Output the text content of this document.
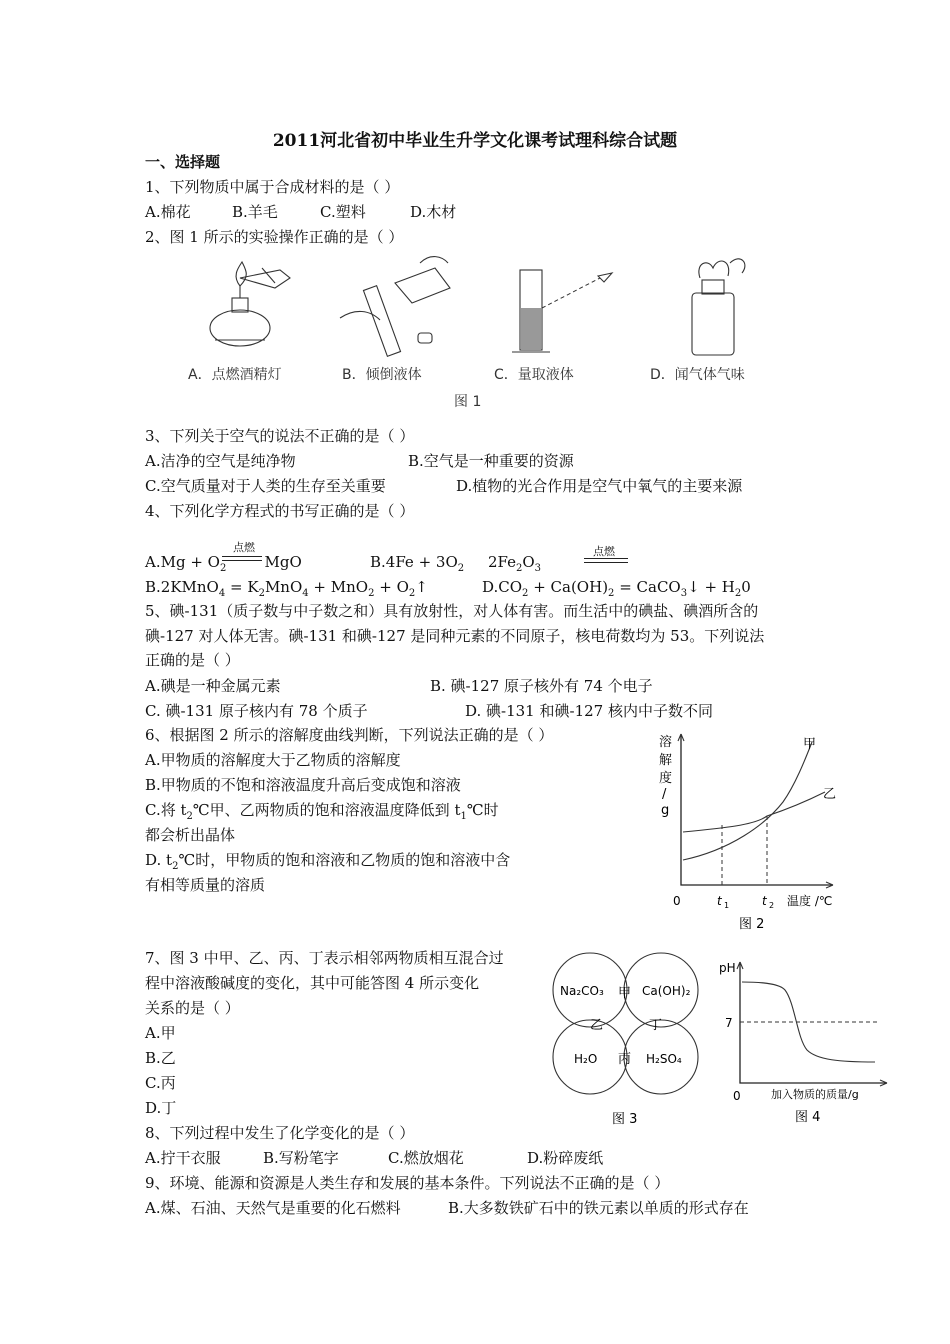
2011河北省初中毕业生升学文化课考试理科综合试题
一、选择题
1、下列物质中属于合成材料的是（ ）
A.棉花	B.羊毛	C.塑料	D.木材
2、图 1 所示的实验操作正确的是（ ）
A．点燃酒精灯	B．倾倒液体	C．量取液体	D．闻气体气味
图 1
3、下列关于空气的说法不正确的是（ ）
A.洁净的空气是纯净物	B.空气是一种重要的资源
C.空气质量对于人类的生存至关重要	D.植物的光合作用是空气中氧气的主要来源
4、下列化学方程式的书写正确的是（ ）
点燃	点燃
$A.Mg + O_2$	MgO	$B.4Fe + 3O_2$ $2Fe_2O_3$
B.2KMnO$_4$ = $K_2MnO_4 + MnO_2$ + $O_2↑$	$D.CO_2 + Ca(OH)_2$ = CaCO$_3$↓ + $H_20$
5、碘-131（质子数与中子数之和）具有放射性，对人体有害。而生活中的碘盐、碘酒所含的
碘-127 对人体无害。碘-131 和碘-127 是同种元素的不同原子，核电荷数均为 53。下列说法
正确的是（ ）
A.碘是一种金属元素	B. 碘-127 原子核外有 74 个电子
C. 碘-131 原子核内有 78 个质子	D. 碘-131 和碘-127 核内中子数不同
6、根据图 2 所示的溶解度曲线判断，下列说法正确的是（ ）
A.甲物质的溶解度大于乙物质的溶解度
B.甲物质的不饱和溶液温度升高后变成饱和溶液
C.将 $t_2℃$甲、乙两物质的饱和溶液温度降低到 $t_1℃$时
都会析出晶体
D. $t_2℃$时，甲物质的饱和溶液和乙物质的饱和溶液中含
有相等质量的溶质
溶
解
度
/
g
甲
乙
0	t 1	t 2 温度 /℃
图 2
7、图 3 中甲、乙、丙、丁表示相邻两物质相互混合过
程中溶液酸碱度的变化，其中可能答图 4 所示变化
关系的是（ ）
A.甲
B.乙
C.丙
D.丁
Na₂CO₃	Ca(OH)₂
H₂O	H₂SO₄
甲
乙
丙
丁
图 3
pH
7
0	加入物质的质量/g
图 4
8、下列过程中发生了化学变化的是（ ）
A.拧干衣服	B.写粉笔字	C.燃放烟花	D.粉碎废纸
9、环境、能源和资源是人类生存和发展的基本条件。下列说法不正确的是（ ）
A.煤、石油、天然气是重要的化石燃料	B.大多数铁矿石中的铁元素以单质的形式存在
